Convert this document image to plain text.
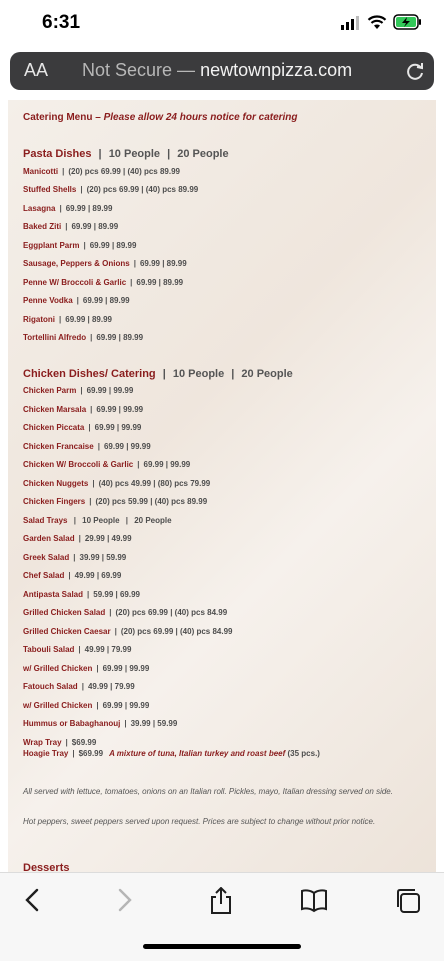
6:31
AA Not Secure — newtownpizza.com
Catering Menu – Please allow 24 hours notice for catering
Pasta Dishes | 10 People | 20 People
Manicotti | (20) pcs 69.99 | (40) pcs 89.99
Stuffed Shells | (20) pcs 69.99 | (40) pcs 89.99
Lasagna | 69.99 | 89.99
Baked Ziti | 69.99 | 89.99
Eggplant Parm | 69.99 | 89.99
Sausage, Peppers & Onions | 69.99 | 89.99
Penne W/ Broccoli & Garlic | 69.99 | 89.99
Penne Vodka | 69.99 | 89.99
Rigatoni | 69.99 | 89.99
Tortellini Alfredo | 69.99 | 89.99
Chicken Dishes/ Catering | 10 People | 20 People
Chicken Parm | 69.99 | 99.99
Chicken Marsala | 69.99 | 99.99
Chicken Piccata | 69.99 | 99.99
Chicken Francaise | 69.99 | 99.99
Chicken W/ Broccoli & Garlic | 69.99 | 99.99
Chicken Nuggets | (40) pcs 49.99 | (80) pcs 79.99
Chicken Fingers | (20) pcs 59.99 | (40) pcs 89.99
Salad Trays | 10 People | 20 People
Garden Salad | 29.99 | 49.99
Greek Salad | 39.99 | 59.99
Chef Salad | 49.99 | 69.99
Antipasta Salad | 59.99 | 69.99
Grilled Chicken Salad | (20) pcs 69.99 | (40) pcs 84.99
Grilled Chicken Caesar | (20) pcs 69.99 | (40) pcs 84.99
Tabouli Salad | 49.99 | 79.99
w/ Grilled Chicken | 69.99 | 99.99
Fatouch Salad | 49.99 | 79.99
w/ Grilled Chicken | 69.99 | 99.99
Hummus or Babaghanouj | 39.99 | 59.99
Wrap Tray | $69.99
Hoagie Tray | $69.99 A mixture of tuna, Italian turkey and roast beef (35 pcs.)
All served with lettuce, tomatoes, onions on an Italian roll. Pickles, mayo, Italian dressing served on side.
Hot peppers, sweet peppers served upon request. Prices are subject to change without prior notice.
Desserts
